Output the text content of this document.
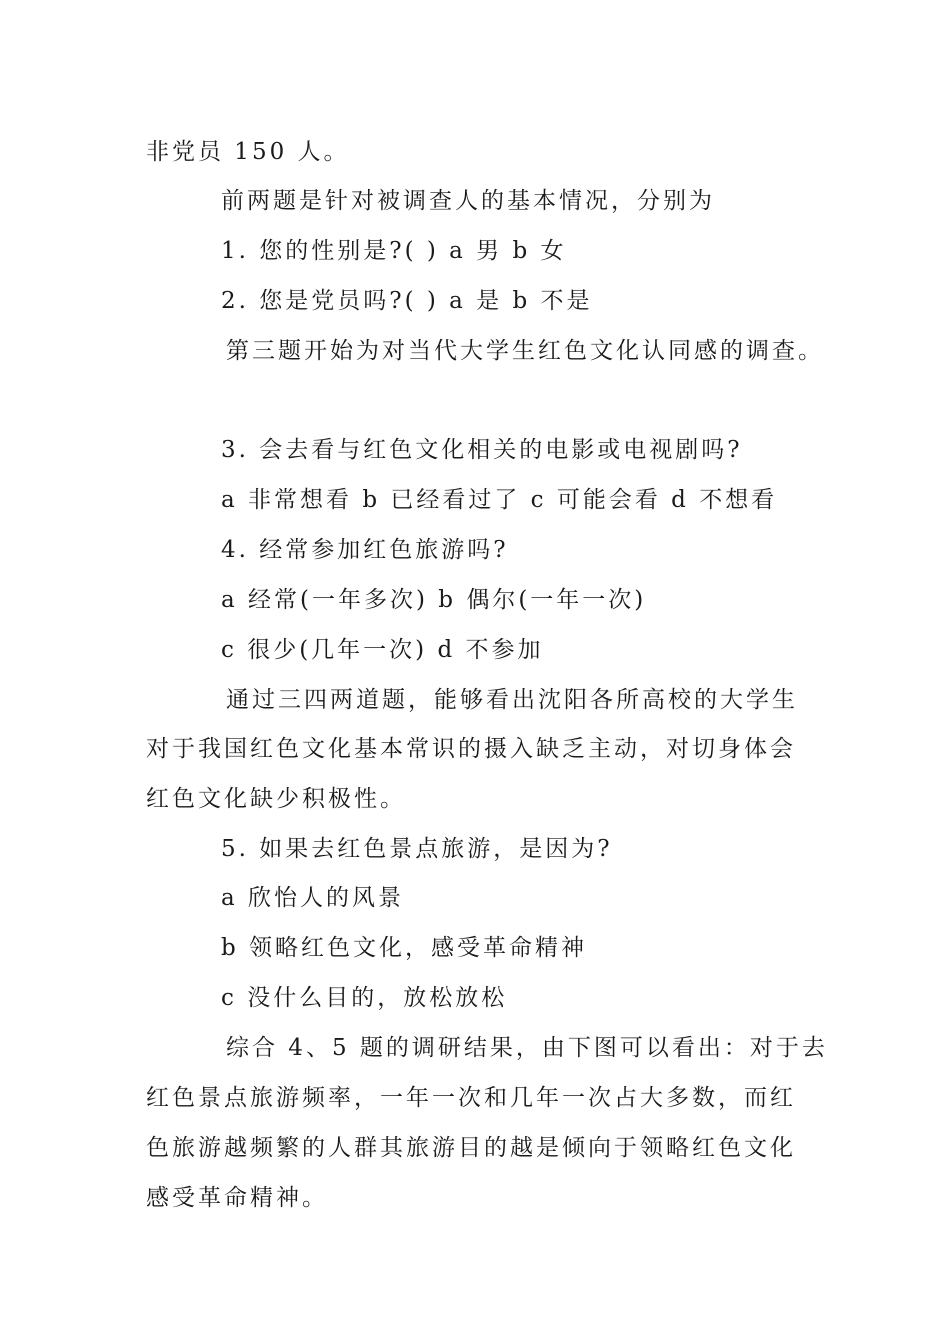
非党员 150 人。
前两题是针对被调查人的基本情况，分别为
1. 您的性别是?( ) a 男 b 女
2. 您是党员吗?( ) a 是 b 不是
第三题开始为对当代大学生红色文化认同感的调查。
3. 会去看与红色文化相关的电影或电视剧吗?
a 非常想看 b 已经看过了 c 可能会看 d 不想看
4. 经常参加红色旅游吗?
a 经常(一年多次) b 偶尔(一年一次)
c 很少(几年一次) d 不参加
通过三四两道题，能够看出沈阳各所高校的大学生
对于我国红色文化基本常识的摄入缺乏主动，对切身体会
红色文化缺少积极性。
5. 如果去红色景点旅游，是因为?
a 欣怡人的风景
b 领略红色文化，感受革命精神
c 没什么目的，放松放松
综合 4、5 题的调研结果，由下图可以看出：对于去
红色景点旅游频率，一年一次和几年一次占大多数，而红
色旅游越频繁的人群其旅游目的越是倾向于领略红色文化
感受革命精神。
